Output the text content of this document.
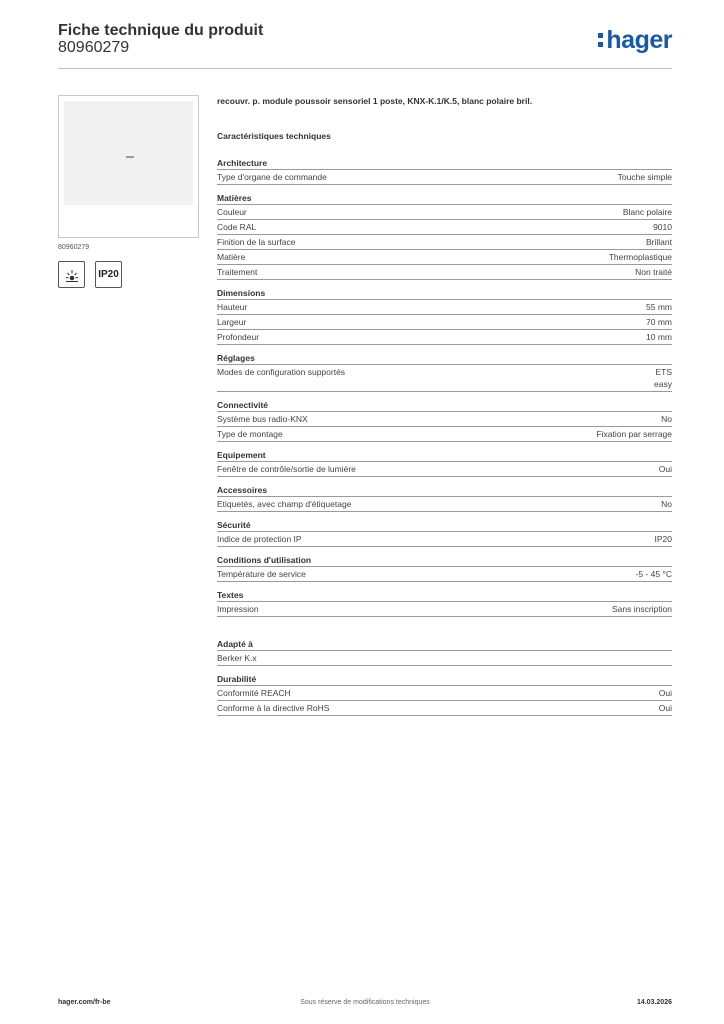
Fiche technique du produit
80960279	hager
80960279
IP20
recouvr. p. module poussoir sensoriel 1 poste, KNX-K.1/K.5, blanc polaire bril.
Caractéristiques techniques
Architecture
Type d'organe de commande	Touche simple
Matières
Couleur	Blanc polaire
Code RAL	9010
Finition de la surface	Brillant
Matière	Thermoplastique
Traitement	Non traité
Dimensions
Hauteur	55 mm
Largeur	70 mm
Profondeur	10 mm
Réglages
Modes de configuration supportés	ETS
easy
Connectivité
Système bus radio-KNX	No
Type de montage	Fixation par serrage
Equipement
Fenêtre de contrôle/sortie de lumière	Oui
Accessoires
Etiquetés, avec champ d'étiquetage	No
Sécurité
Indice de protection IP	IP20
Conditions d'utilisation
Température de service	-5 - 45 °C
Textes
Impression	Sans inscription
Adapté à
Berker K.x
Durabilité
Conformité REACH	Oui
Conforme à la directive RoHS	Oui
hager.com/fr-be	Sous réserve de modifications techniques	14.03.2026
